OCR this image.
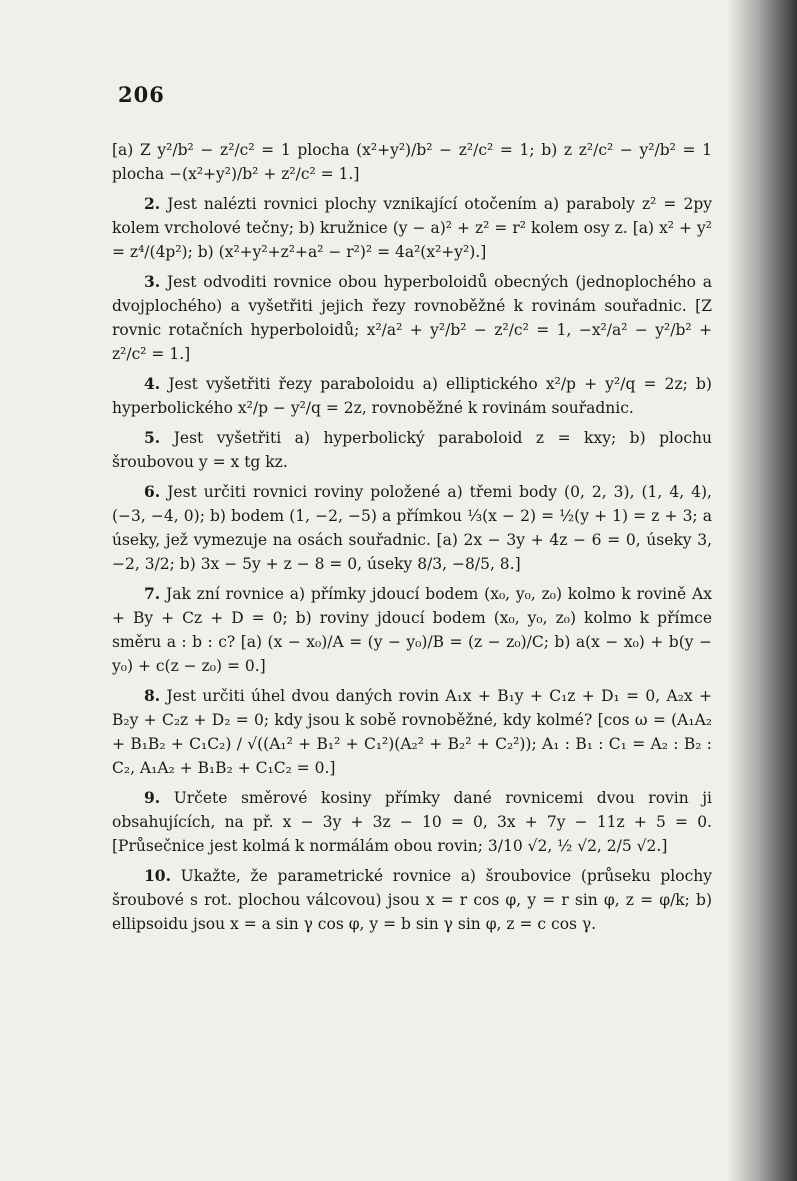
206

[a) Z y²/b² − z²/c² = 1 plocha (x²+y²)/b² − z²/c² = 1; b) z z²/c² − y²/b² = 1 plocha −(x²+y²)/b² + z²/c² = 1.]

2. Jest nalézti rovnici plochy vznikající otočením a) paraboly z² = 2py kolem vrcholové tečny; b) kružnice (y − a)² + z² = r² kolem osy z. [a) x² + y² = z⁴/(4p²); b) (x²+y²+z²+a² − r²)² = 4a²(x²+y²).]

3. Jest odvoditi rovnice obou hyperboloidů obecných (jednoplochého a dvojplochého) a vyšetřiti jejich řezy rovnoběžné k rovinám souřadnic. [Z rovnic rotačních hyperboloidů; x²/a² + y²/b² − z²/c² = 1, −x²/a² − y²/b² + z²/c² = 1.]

4. Jest vyšetřiti řezy paraboloidu a) elliptického x²/p + y²/q = 2z; b) hyperbolického x²/p − y²/q = 2z, rovnoběžné k rovinám souřadnic.

5. Jest vyšetřiti a) hyperbolický paraboloid z = kxy; b) plochu šroubovou y = x tg kz.

6. Jest určiti rovnici roviny položené a) třemi body (0, 2, 3), (1, 4, 4), (−3, −4, 0); b) bodem (1, −2, −5) a přímkou ⅓(x − 2) = ½(y + 1) = z + 3; a úseky, jež vymezuje na osách souřadnic. [a) 2x − 3y + 4z − 6 = 0, úseky 3, −2, 3/2; b) 3x − 5y + z − 8 = 0, úseky 8/3, −8/5, 8.]

7. Jak zní rovnice a) přímky jdoucí bodem (x₀, y₀, z₀) kolmo k rovině Ax + By + Cz + D = 0; b) roviny jdoucí bodem (x₀, y₀, z₀) kolmo k přímce směru a : b : c? [a) (x − x₀)/A = (y − y₀)/B = (z − z₀)/C; b) a(x − x₀) + b(y − y₀) + c(z − z₀) = 0.]

8. Jest určiti úhel dvou daných rovin A₁x + B₁y + C₁z + D₁ = 0, A₂x + B₂y + C₂z + D₂ = 0; kdy jsou k sobě rovnoběžné, kdy kolmé? [cos ω = (A₁A₂ + B₁B₂ + C₁C₂) / √((A₁² + B₁² + C₁²)(A₂² + B₂² + C₂²)); A₁ : B₁ : C₁ = A₂ : B₂ : C₂, A₁A₂ + B₁B₂ + C₁C₂ = 0.]

9. Určete směrové kosiny přímky dané rovnicemi dvou rovin ji obsahujících, na př. x − 3y + 3z − 10 = 0, 3x + 7y − 11z + 5 = 0. [Průsečnice jest kolmá k normálám obou rovin; 3/10 √2, ½ √2, 2/5 √2.]

10. Ukažte, že parametrické rovnice a) šroubovice (průseku plochy šroubové s rot. plochou válcovou) jsou x = r cos φ, y = r sin φ, z = φ/k; b) ellipsoidu jsou x = a sin γ cos φ, y = b sin γ sin φ, z = c cos γ.
